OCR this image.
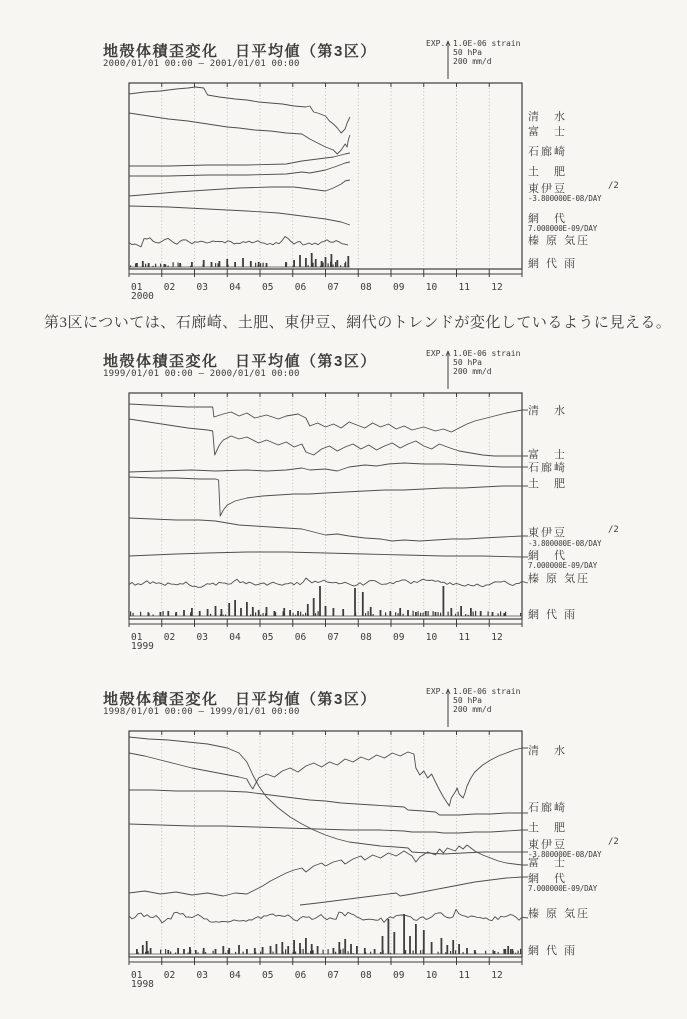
地殻体積歪変化　日平均値（第3区）
2000/01/01 00:00 — 2001/01/01 00:00
EXP. 1.0E-06 strain
50 hPa
200 mm/d
清　水
富　士
石廊崎
土　肥
東伊豆	/2
-3.800000E-08/DAY
網　代
7.000000E-09/DAY
榛 原 気圧
網 代 雨
01 02 03 04 05 06 07 08 09 10 11 12
2000
地殻体積歪変化　日平均値（第3区）
1999/01/01 00:00 — 2000/01/01 00:00
EXP. 1.0E-06 strain
50 hPa
200 mm/d
清　水
富　士
石廊崎
土　肥
東伊豆	/2
-3.800000E-08/DAY
網　代
7.000000E-09/DAY
榛 原 気圧
網 代 雨
01 02 03 04 05 06 07 08 09 10 11 12
1999
地殻体積歪変化　日平均値（第3区）
1998/01/01 00:00 — 1999/01/01 00:00
EXP. 1.0E-06 strain
50 hPa
200 mm/d
清　水
石廊崎
土　肥
東伊豆	/2
-3.800000E-08/DAY
富　士
網　代
7.000000E-09/DAY
榛 原 気圧
網 代 雨
01 02 03 04 05 06 07 08 09 10 11 12
1998
第3区については、石廊崎、土肥、東伊豆、網代のトレンドが変化しているように見える。
